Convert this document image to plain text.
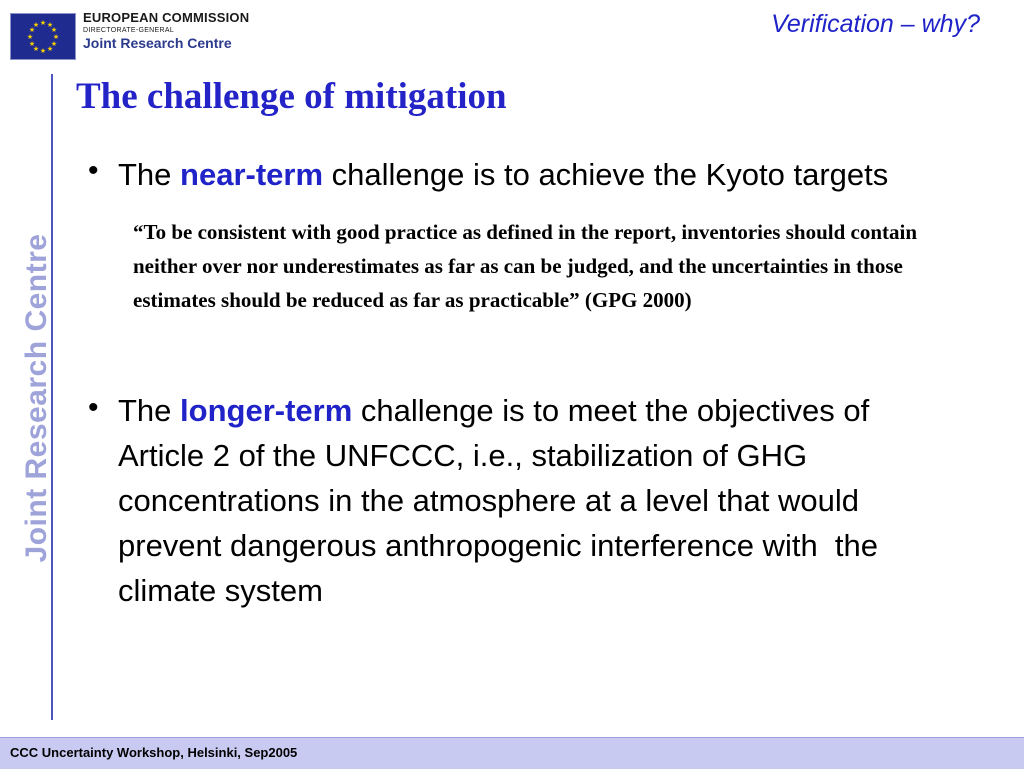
★ ★
★
★
★
★
★
★
★
★
★
★	EUROPEAN COMMISSION
DIRECTORATE-GENERAL
Joint Research Centre
Verification – why?
The challenge of mitigation
Joint Research Centre
• The near-term challenge is to achieve the Kyoto targets
“To be consistent with good practice as defined in the report, inventories should contain neither over nor underestimates as far as can be judged, and the uncertainties in those estimates should be reduced as far as practicable” (GPG 2000)
• The longer-term challenge is to meet the objectives of
Article 2 of the UNFCCC, i.e., stabilization of GHG
concentrations in the atmosphere at a level that would
prevent dangerous anthropogenic interference with  the
climate system
CCC Uncertainty Workshop, Helsinki, Sep2005
